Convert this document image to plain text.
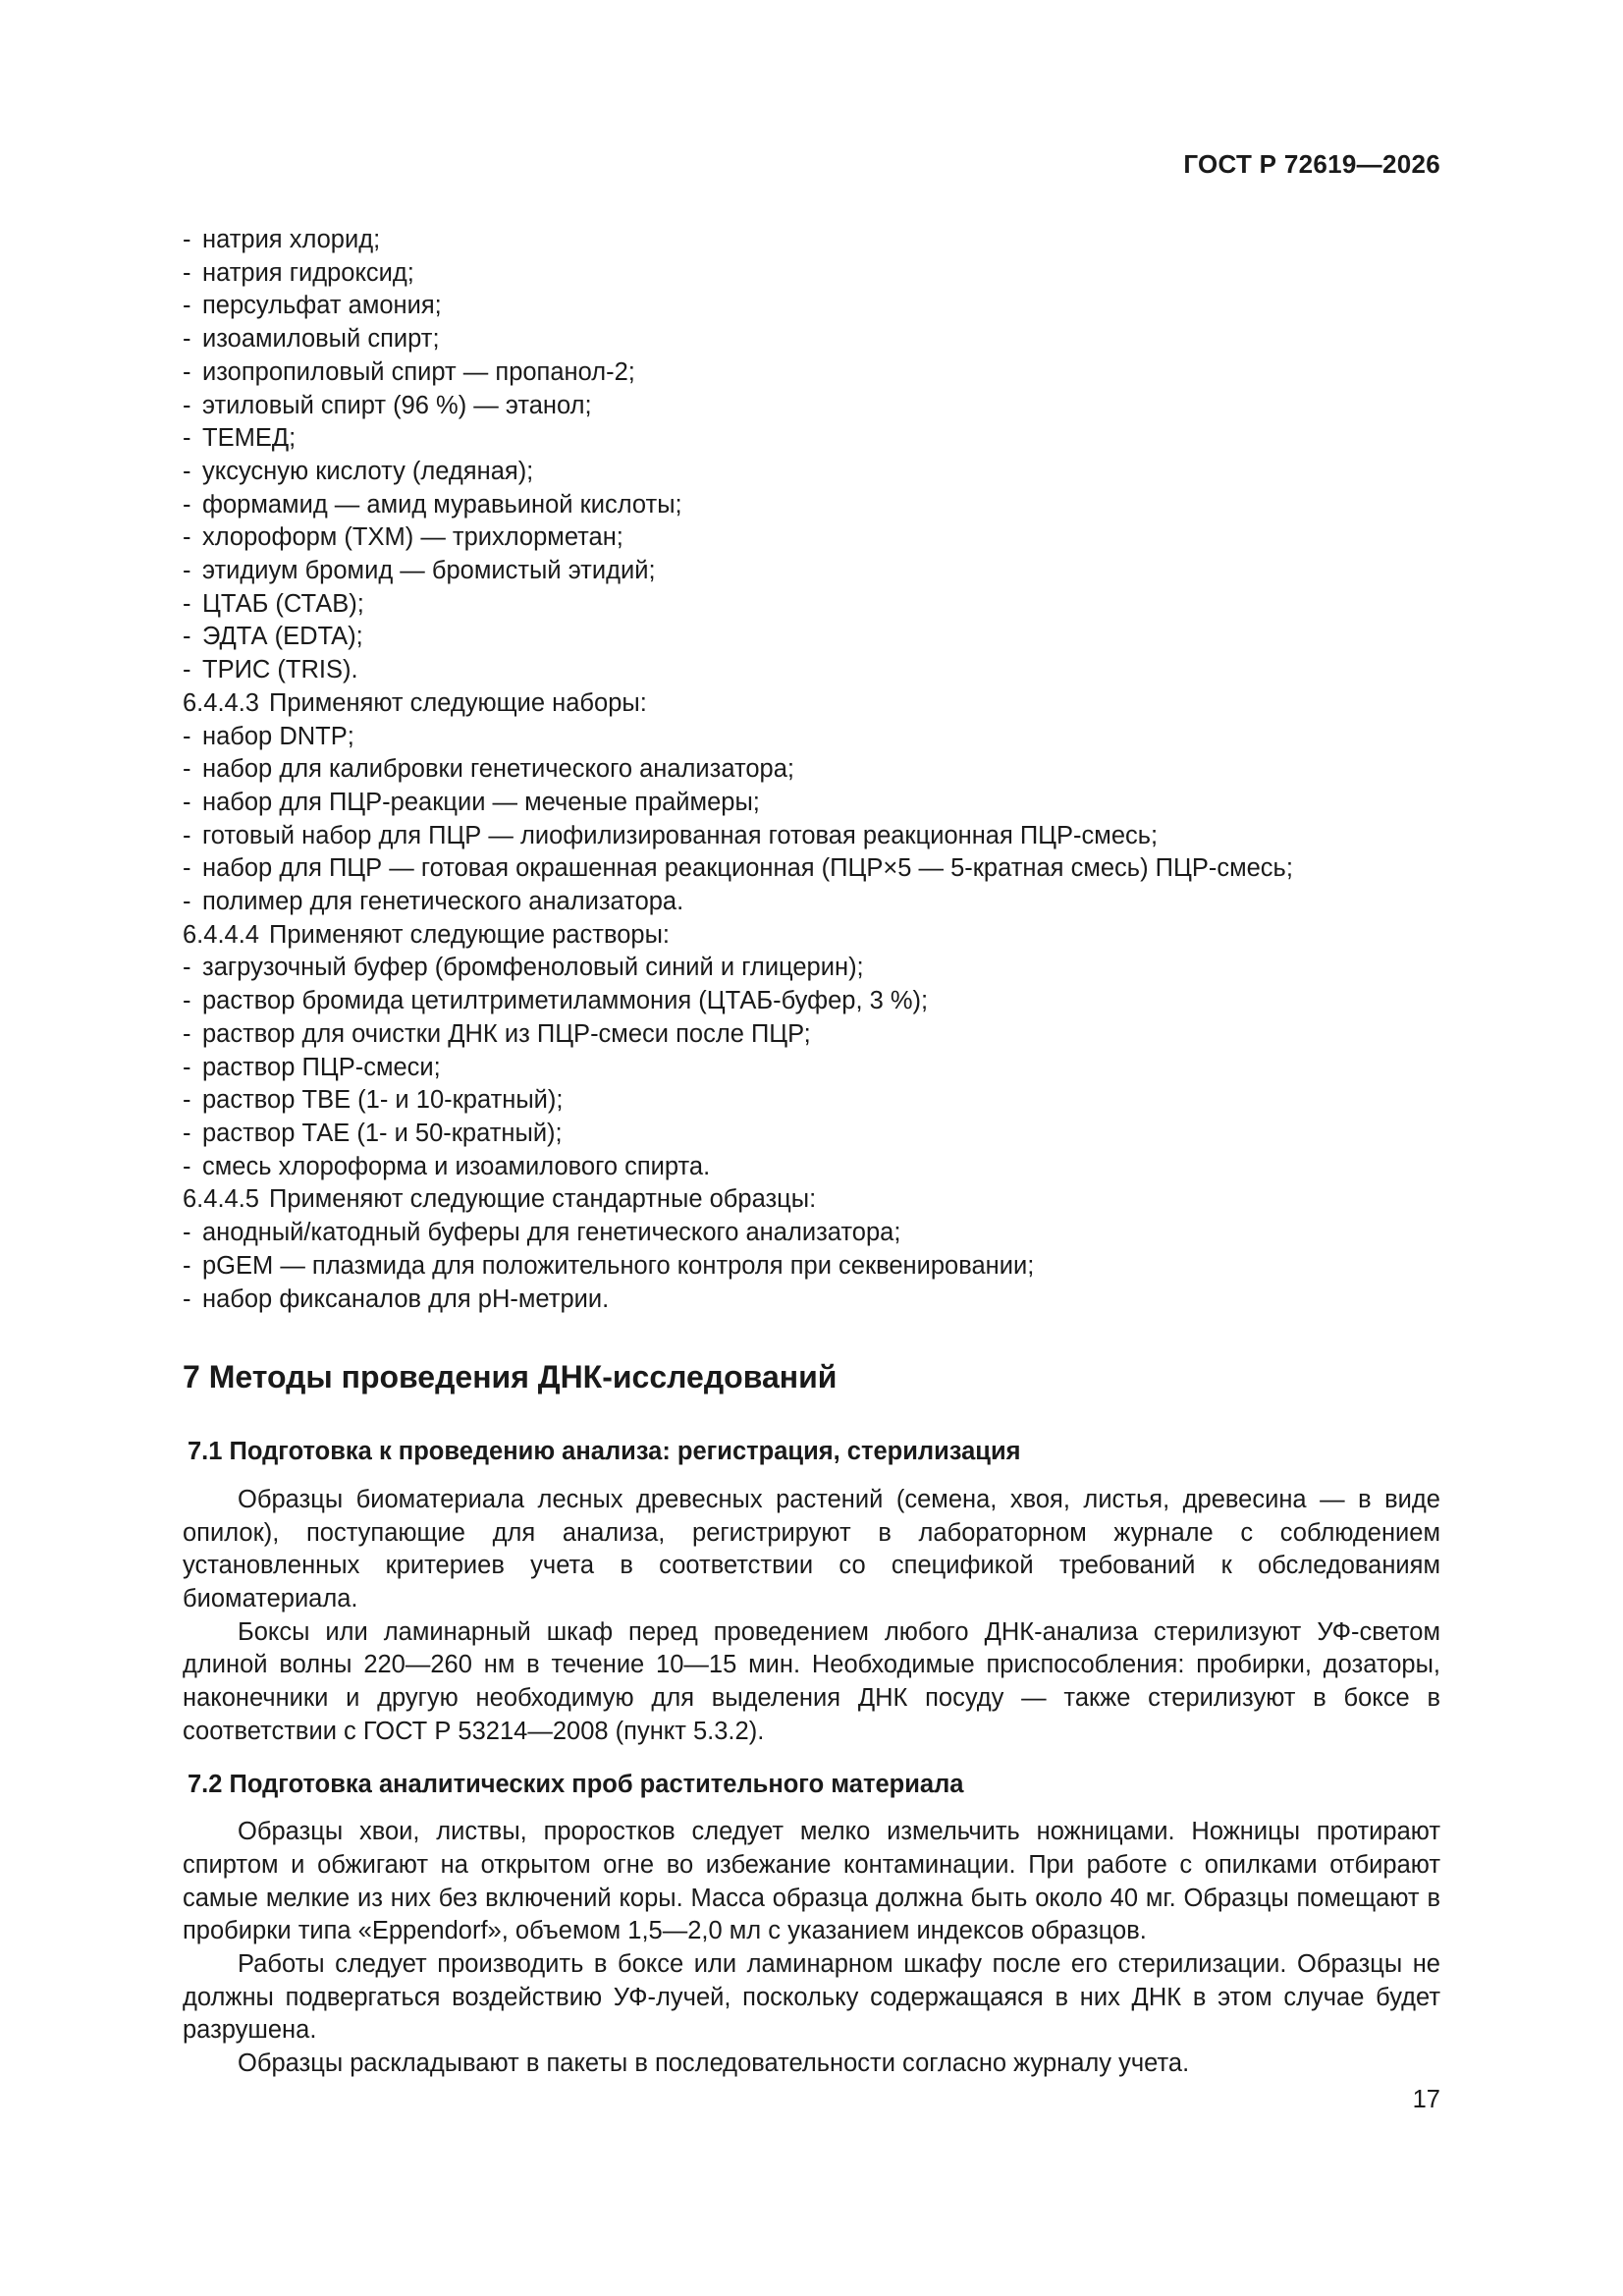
ГОСТ Р 72619—2026
- натрия хлорид;
- натрия гидроксид;
- персульфат амония;
- изоамиловый спирт;
- изопропиловый спирт — пропанол-2;
- этиловый спирт (96 %) — этанол;
- ТЕМЕД;
- уксусную кислоту (ледяная);
- формамид — амид муравьиной кислоты;
- хлороформ (ТХМ) — трихлорметан;
- этидиум бромид — бромистый этидий;
- ЦТАБ (СТАВ);
- ЭДТА (EDTA);
- ТРИС (TRIS).
6.4.4.3 Применяют следующие наборы:
- набор DNTP;
- набор для калибровки генетического анализатора;
- набор для ПЦР-реакции — меченые праймеры;
- готовый набор для ПЦР — лиофилизированная готовая реакционная ПЦР-смесь;
- набор для ПЦР — готовая окрашенная реакционная (ПЦР×5 — 5-кратная смесь) ПЦР-смесь;
- полимер для генетического анализатора.
6.4.4.4 Применяют следующие растворы:
- загрузочный буфер (бромфеноловый синий и глицерин);
- раствор бромида цетилтриметиламмония (ЦТАБ-буфер, 3 %);
- раствор для очистки ДНК из ПЦР-смеси после ПЦР;
- раствор ПЦР-смеси;
- раствор ТВЕ (1- и 10-кратный);
- раствор ТАЕ (1- и 50-кратный);
- смесь хлороформа и изоамилового спирта.
6.4.4.5 Применяют следующие стандартные образцы:
- анодный/катодный буферы для генетического анализатора;
- pGEM — плазмида для положительного контроля при секвенировании;
- набор фиксаналов для pH-метрии.
7 Методы проведения ДНК-исследований
7.1 Подготовка к проведению анализа: регистрация, стерилизация

Образцы биоматериала лесных древесных растений (семена, хвоя, листья, древесина — в виде опилок), поступающие для анализа, регистрируют в лабораторном журнале с соблюдением установленных критериев учета в соответствии со спецификой требований к обследованиям биоматериала.

Боксы или ламинарный шкаф перед проведением любого ДНК-анализа стерилизуют УФ-светом длиной волны 220—260 нм в течение 10—15 мин. Необходимые приспособления: пробирки, дозаторы, наконечники и другую необходимую для выделения ДНК посуду — также стерилизуют в боксе в соответствии с ГОСТ Р 53214—2008 (пункт 5.3.2).

7.2 Подготовка аналитических проб растительного материала

Образцы хвои, листвы, проростков следует мелко измельчить ножницами. Ножницы протирают спиртом и обжигают на открытом огне во избежание контаминации. При работе с опилками отбирают самые мелкие из них без включений коры. Масса образца должна быть около 40 мг. Образцы помещают в пробирки типа «Eppendorf», объемом 1,5—2,0 мл с указанием индексов образцов.

Работы следует производить в боксе или ламинарном шкафу после его стерилизации. Образцы не должны подвергаться воздействию УФ-лучей, поскольку содержащаяся в них ДНК в этом случае будет разрушена.

Образцы раскладывают в пакеты в последовательности согласно журналу учета.

17
